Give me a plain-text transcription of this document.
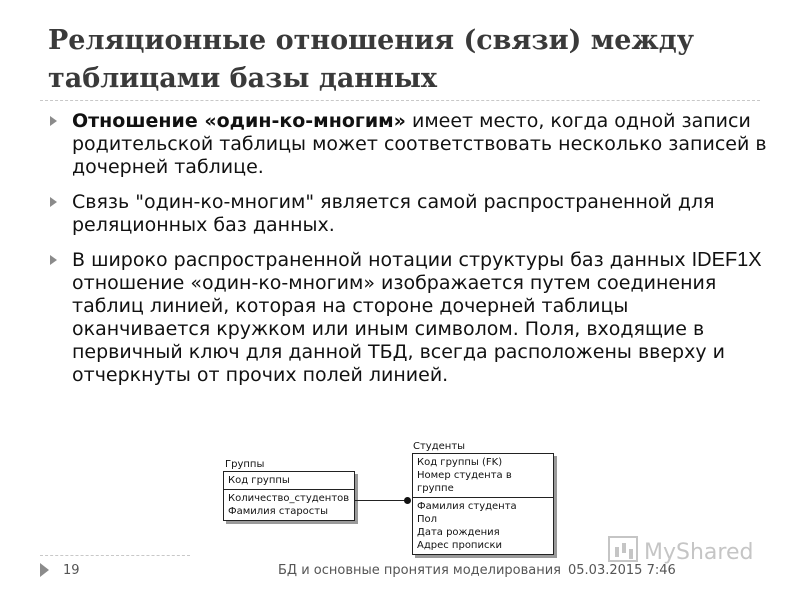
Реляционные отношения (связи) между таблицами базы данных
Отношение «один-ко-многим» имеет место, когда одной записи родительской таблицы может соответствовать несколько записей в дочерней таблице.
Связь "один-ко-многим" является самой распространенной для реляционных баз данных.
В широко распространенной нотации структуры баз данных IDEF1X отношение «один-ко-многим» изображается путем соединения таблиц линией, которая на стороне дочерней таблицы оканчивается кружком или иным символом. Поля, входящие в первичный ключ для данной ТБД, всегда расположены вверху и отчеркнуты от прочих полей линией.
Группы
Код группы
Количество_студентов
Фамилия старосты
Студенты
Код группы (FK)
Номер студента в группе
Фамилия студента
Пол
Дата рождения
Адрес прописки	MyShared
19	БД и основные пронятия моделирования 05.03.2015 7:46
